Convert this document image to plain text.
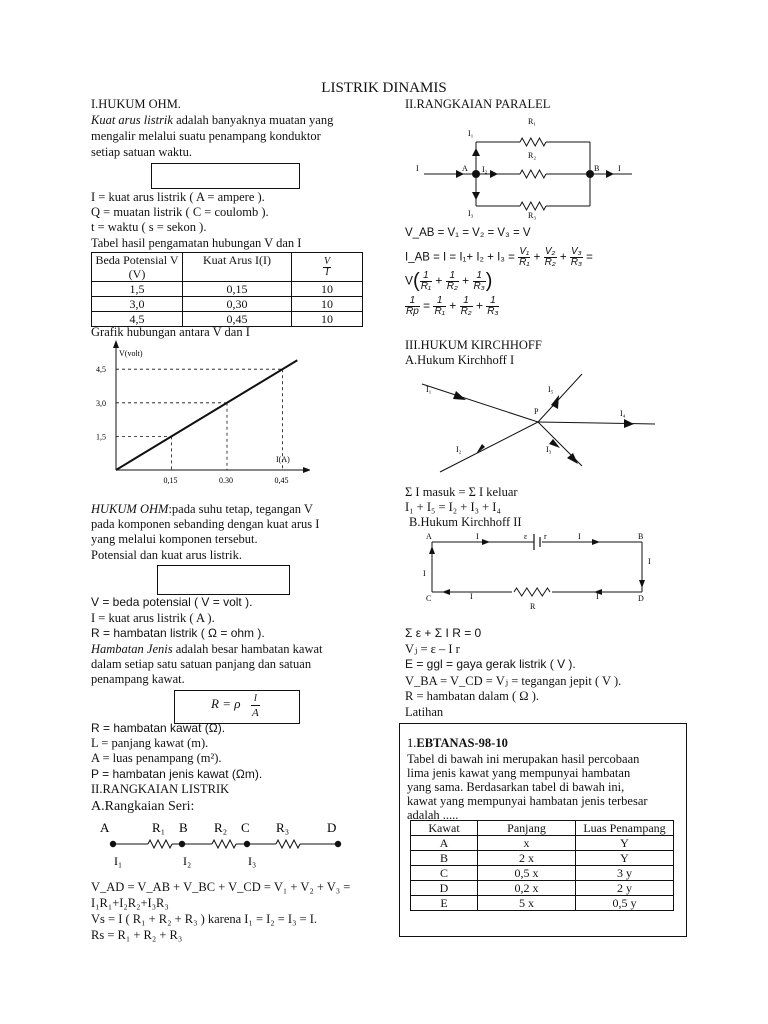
LISTRIK DINAMIS
I.HUKUM OHM.
Kuat arus listrik adalah banyaknya muatan yang
mengalir melalui suatu penampang konduktor
setiap satuan waktu.
I = kuat arus listrik ( A = ampere ).
Q = muatan listrik ( C = coulomb ).
t = waktu ( s = sekon ).
Tabel hasil pengamatan hubungan V dan I
Beda Potensial V (V)	Kuat Arus I(I)	$\frac{V}{I}$

1,5	0,15	10
3,0	0,30	10
4,5	0,45	10
Grafik hubungan antara V dan I
4,5
3,0
1,5
0,15	0.30	0,45
V(volt)
I(A)
HUKUM OHM:pada suhu tetap, tegangan V
pada komponen sebanding dengan kuat arus I
yang melalui komponen tersebut.
Potensial dan kuat arus listrik.
V = beda potensial ( V = volt ).
I = kuat arus listrik ( A ).
R = hambatan listrik ( Ω = ohm ).
Hambatan Jenis adalah besar hambatan kawat
dalam setiap satu satuan panjang dan satuan
penampang kawat.
R = ρ $\frac{l}{A}$
R = hambatan kawat (Ω).
L = panjang kawat (m).
A = luas penampang (m²).
P = hambatan jenis kawat (Ωm).
II.RANGKAIAN LISTRIK
A.Rangkaian Seri:
A	B	C	D
R₁	R₂	R₃
I₁	I₂	I₃
V_AD = V_AB + V_BC + V_CD = V₁ + V₂ + V₃ =
I₁R₁+I₂R₂+I₃R₃
Vs = I ( R₁ + R₂ + R₃ ) karena I₁ = I₂ = I₃ = I.
Rs = R₁ + R₂ + R₃
II.RANGKAIAN PARALEL
R₁
R₂
R₃
I₁
I₂
I₃
A	B
I	I
V_AB = V₁ = V₂ = V₃ = V
I_AB = $I = I_1+ I_2 + I_3 = \frac{\text{V₁}}{\text{R₁}} + \frac{\text{V₂}}{\text{R₂}} + \frac{\text{V₃}}{\text{R₃}}$ =
$V( \frac{1}{\text{R₁}} + \frac{1}{\text{R₂}} + \frac{1}{\text{R₃}}$ )
$\frac{1}{Rp} = \frac{1}{\text{R₁}} + \frac{1}{\text{R₂}} + \frac{1}{\text{R₃}}$
III.HUKUM KIRCHHOFF
A.Hukum Kirchhoff I
I₁	I₅
P	I₄
I₂	I₃
Σ I masuk = Σ I keluar
I₁ + I₅ = I₂ + I₃ + I₄
B.Hukum Kirchhoff II
A	B
C	D
I	I
ε r
I
I
I	I
R
Σ ε + Σ I R = 0
Vⱼ = ε – I r
E = ggl = gaya gerak listrik ( V ).
V_BA = V_CD = Vⱼ = tegangan jepit ( V ).
R = hambatan dalam ( Ω ).
Latihan
1.EBTANAS-98-10
Tabel di bawah ini merupakan hasil percobaan
lima jenis kawat yang mempunyai hambatan
yang sama. Berdasarkan tabel di bawah ini,
kawat yang mempunyai hambatan jenis terbesar
adalah .....
Kawat	Panjang	Luas Penampang
A	x	Y
B	2 x	Y
C	0,5 x	3 y
D	0,2 x	2 y
E	5 x	0,5 y
